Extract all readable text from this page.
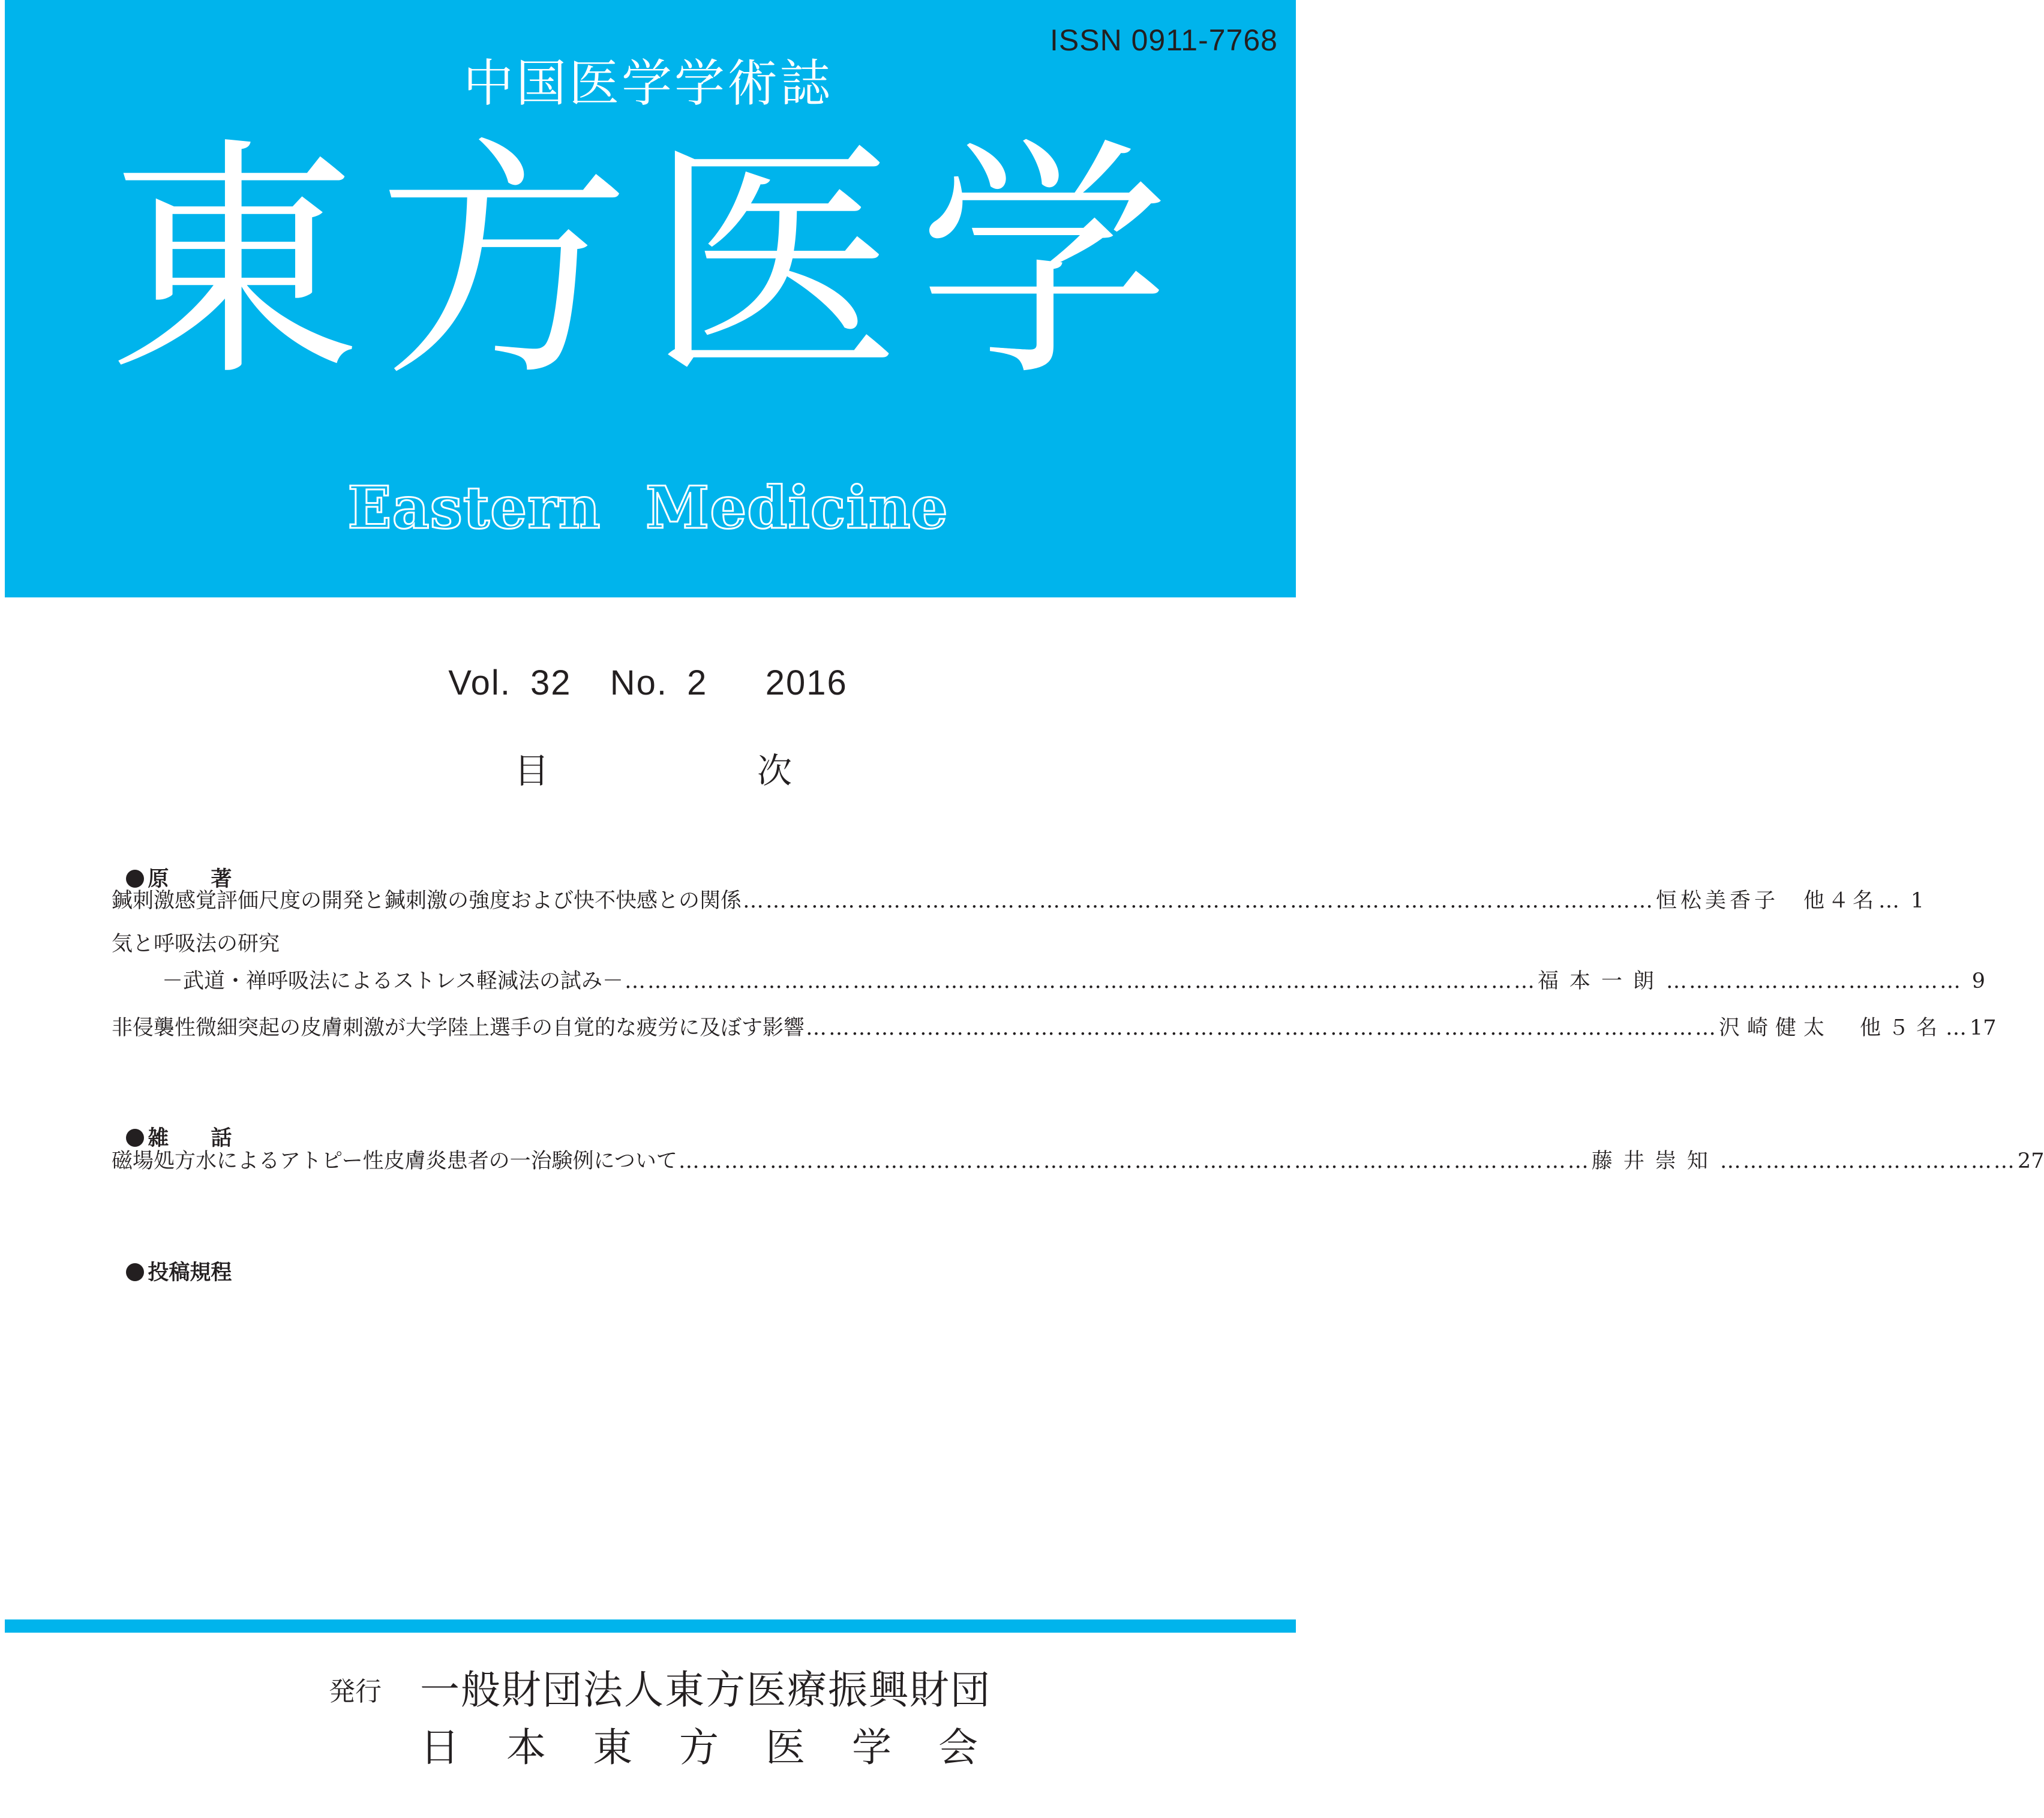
ISSN 0911-7768
中国医学学術誌
東方医学
Eastern Medicine
Vol. 32  No. 2   2016
目	次

原　　著

鍼刺激感覚評価尺度の開発と鍼刺激の強度および快不快感との関係 ………………………………………………………………………………………………………… 恒松美香子　他４名 … 1
気と呼吸法の研究
－武道・禅呼吸法によるストレス軽減法の試み－ ………………………………………………………………………………………………………… 福本一朗 ………………………………… 9
非侵襲性微細突起の皮膚刺激が大学陸上選手の自覚的な疲労に及ぼす影響 ………………………………………………………………………………………………………… 沢崎健太　他５名 … 17

雑　　話

磁場処方水によるアトピー性皮膚炎患者の一治験例について ………………………………………………………………………………………………………… 藤井崇知 ………………………………… 27

投稿規程

発行 一般財団法人東方医療振興財団
日本東方医学会
